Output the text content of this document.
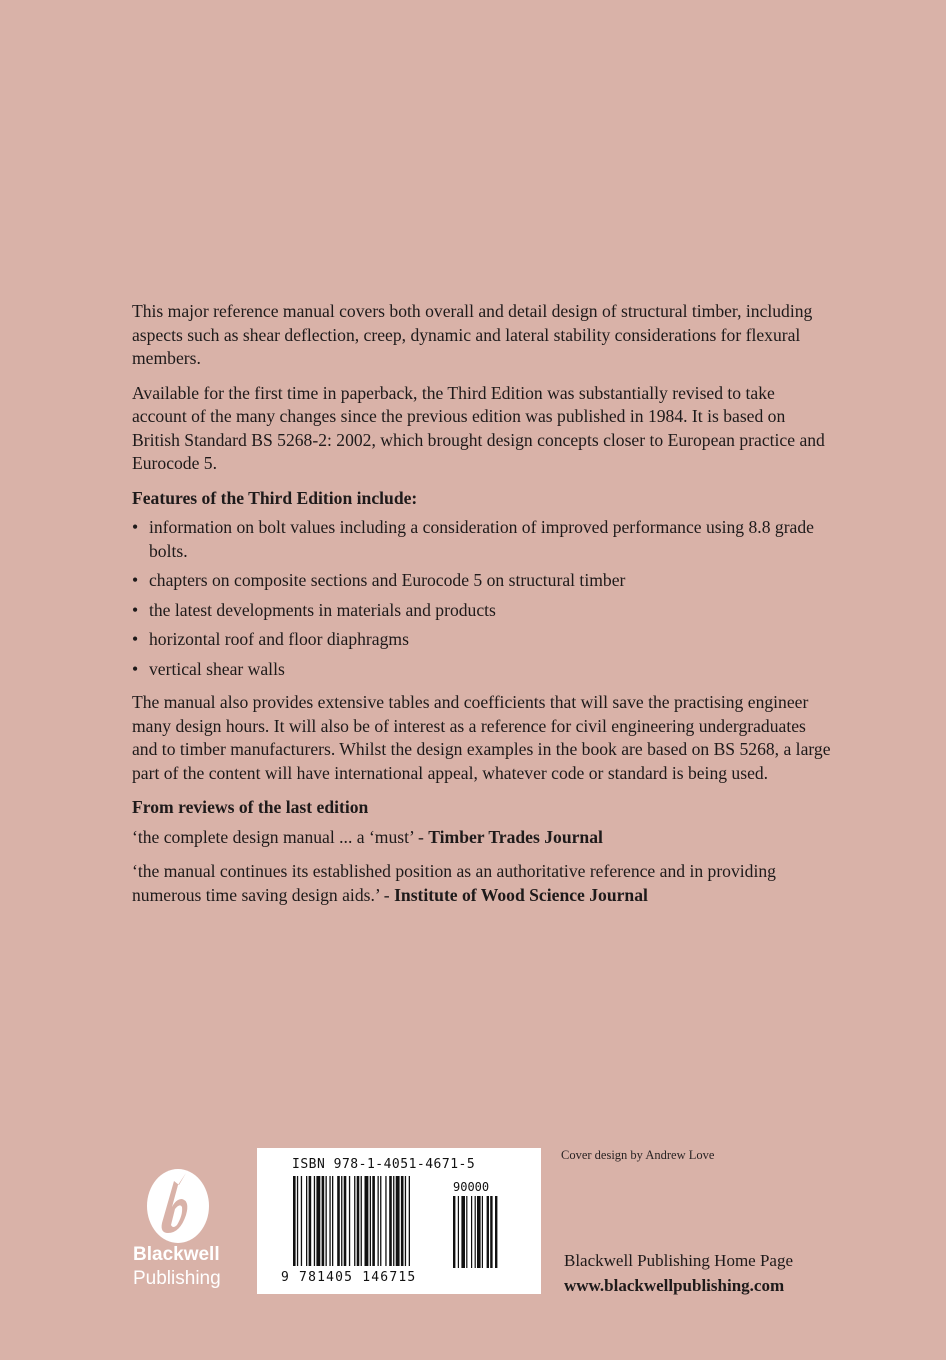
This major reference manual covers both overall and detail design of structural timber, including aspects such as shear deflection, creep, dynamic and lateral stability considerations for flexural members.

Available for the first time in paperback, the Third Edition was substantially revised to take account of the many changes since the previous edition was published in 1984. It is based on British Standard BS 5268-2: 2002, which brought design concepts closer to European practice and Eurocode 5.

Features of the Third Edition include:

• information on bolt values including a consideration of improved performance using 8.8 grade bolts.
• chapters on composite sections and Eurocode 5 on structural timber
• the latest developments in materials and products
• horizontal roof and floor diaphragms
• vertical shear walls

The manual also provides extensive tables and coefficients that will save the practising engineer many design hours. It will also be of interest as a reference for civil engineering undergraduates and to timber manufacturers. Whilst the design examples in the book are based on BS 5268, a large part of the content will have international appeal, whatever code or standard is being used.

From reviews of the last edition

‘the complete design manual ... a ‘must’ - Timber Trades Journal

‘the manual continues its established position as an authoritative reference and in providing numerous time saving design aids.’ - Institute of Wood Science Journal

Blackwell
Publishing
ISBN 978-1-4051-4671-5
90000
9 781405 146715
Cover design by Andrew Love
Blackwell Publishing Home Page
www.blackwellpublishing.com
